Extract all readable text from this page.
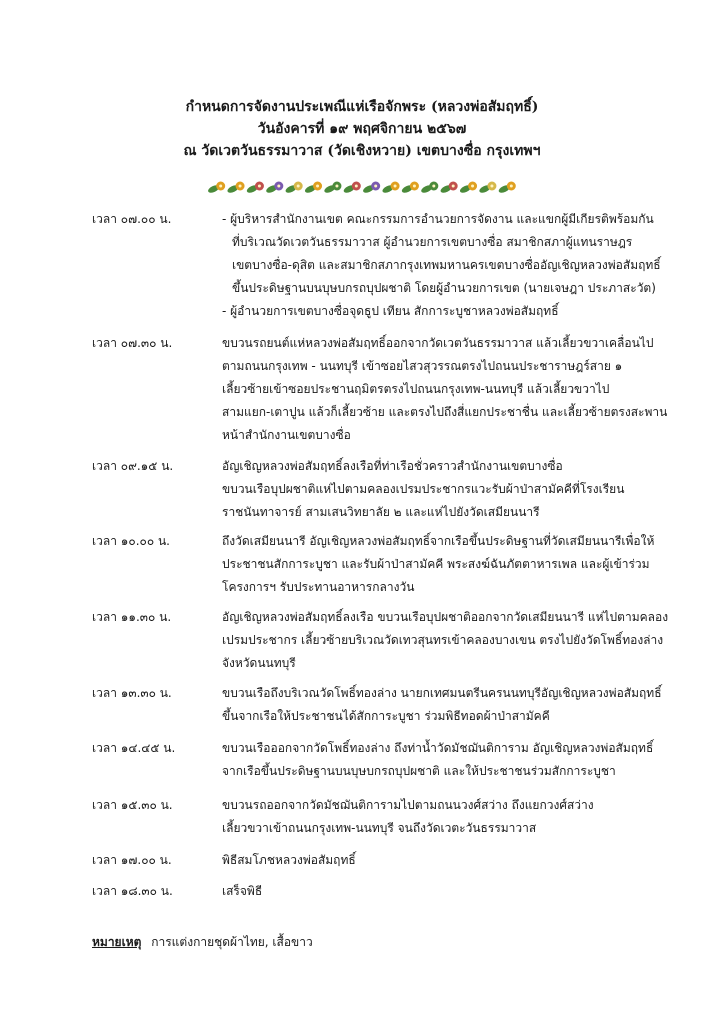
กำหนดการจัดงานประเพณีแห่เรือจักพระ (หลวงพ่อสัมฤทธิ์)
วันอังคารที่ ๑๙ พฤศจิกายน ๒๕๖๗
ณ วัดเวตวันธรรมาวาส (วัดเชิงหวาย) เขตบางซื่อ กรุงเทพฯ
เวลา ๐๗.๐๐ น.	- ผู้บริหารสำนักงานเขต คณะกรรมการอำนวยการจัดงาน และแขกผู้มีเกียรติพร้อมกัน
ที่บริเวณวัดเวตวันธรรมาวาส ผู้อำนวยการเขตบางซื่อ สมาชิกสภาผู้แทนราษฎร
เขตบางซื่อ-ดุสิต และสมาชิกสภากรุงเทพมหานครเขตบางซื่ออัญเชิญหลวงพ่อสัมฤทธิ์
ขึ้นประดิษฐานบนบุษบกรถบุปผชาติ โดยผู้อำนวยการเขต (นายเจษฎา ประภาสะวัต)
- ผู้อำนวยการเขตบางซื่อจุดธูป เทียน สักการะบูชาหลวงพ่อสัมฤทธิ์
เวลา ๐๗.๓๐ น.	ขบวนรถยนต์แห่หลวงพ่อสัมฤทธิ์ออกจากวัดเวตวันธรรมาวาส แล้วเลี้ยวขวาเคลื่อนไป
ตามถนนกรุงเทพ - นนทบุรี เข้าซอยไสวสุวรรณตรงไปถนนประชาราษฎร์สาย ๑
เลี้ยวซ้ายเข้าซอยประชานฤมิตรตรงไปถนนกรุงเทพ-นนทบุรี แล้วเลี้ยวขวาไป
สามแยก-เตาปูน แล้วก็เลี้ยวซ้าย และตรงไปถึงสี่แยกประชาชื่น และเลี้ยวซ้ายตรงสะพาน
หน้าสำนักงานเขตบางซื่อ
เวลา ๐๙.๑๕ น.	อัญเชิญหลวงพ่อสัมฤทธิ์ลงเรือที่ท่าเรือชั่วคราวสำนักงานเขตบางซื่อ
ขบวนเรือบุปผชาติแห่ไปตามคลองเปรมประชากรแวะรับผ้าป่าสามัคคีที่โรงเรียน
ราชนันทาจารย์ สามเสนวิทยาลัย ๒ และแห่ไปยังวัดเสมียนนารี
เวลา ๑๐.๐๐ น.	ถึงวัดเสมียนนารี อัญเชิญหลวงพ่อสัมฤทธิ์จากเรือขึ้นประดิษฐานที่วัดเสมียนนารีเพื่อให้
ประชาชนสักการะบูชา และรับผ้าป่าสามัคคี พระสงฆ์ฉันภัตตาหารเพล และผู้เข้าร่วม
โครงการฯ รับประทานอาหารกลางวัน
เวลา ๑๑.๓๐ น.	อัญเชิญหลวงพ่อสัมฤทธิ์ลงเรือ ขบวนเรือบุปผชาติออกจากวัดเสมียนนารี แห่ไปตามคลอง
เปรมประชากร เลี้ยวซ้ายบริเวณวัดเทวสุนทรเข้าคลองบางเขน ตรงไปยังวัดโพธิ์ทองล่าง
จังหวัดนนทบุรี
เวลา ๑๓.๓๐ น.	ขบวนเรือถึงบริเวณวัดโพธิ์ทองล่าง นายกเทศมนตรีนครนนทบุรีอัญเชิญหลวงพ่อสัมฤทธิ์
ขึ้นจากเรือให้ประชาชนได้สักการะบูชา ร่วมพิธีทอดผ้าป่าสามัคคี
เวลา ๑๔.๔๕ น.	ขบวนเรือออกจากวัดโพธิ์ทองล่าง ถึงท่าน้ำวัดมัชฌันติการาม อัญเชิญหลวงพ่อสัมฤทธิ์
จากเรือขึ้นประดิษฐานบนบุษบกรถบุปผชาติ และให้ประชาชนร่วมสักการะบูชา
เวลา ๑๕.๓๐ น.	ขบวนรถออกจากวัดมัชฌันติการามไปตามถนนวงศ์สว่าง ถึงแยกวงศ์สว่าง
เลี้ยวขวาเข้าถนนกรุงเทพ-นนทบุรี จนถึงวัดเวตะวันธรรมาวาส
เวลา ๑๗.๐๐ น.	พิธีสมโภชหลวงพ่อสัมฤทธิ์
เวลา ๑๘.๓๐ น.	เสร็จพิธี
หมายเหตุ การแต่งกายชุดผ้าไทย, เสื้อขาว
